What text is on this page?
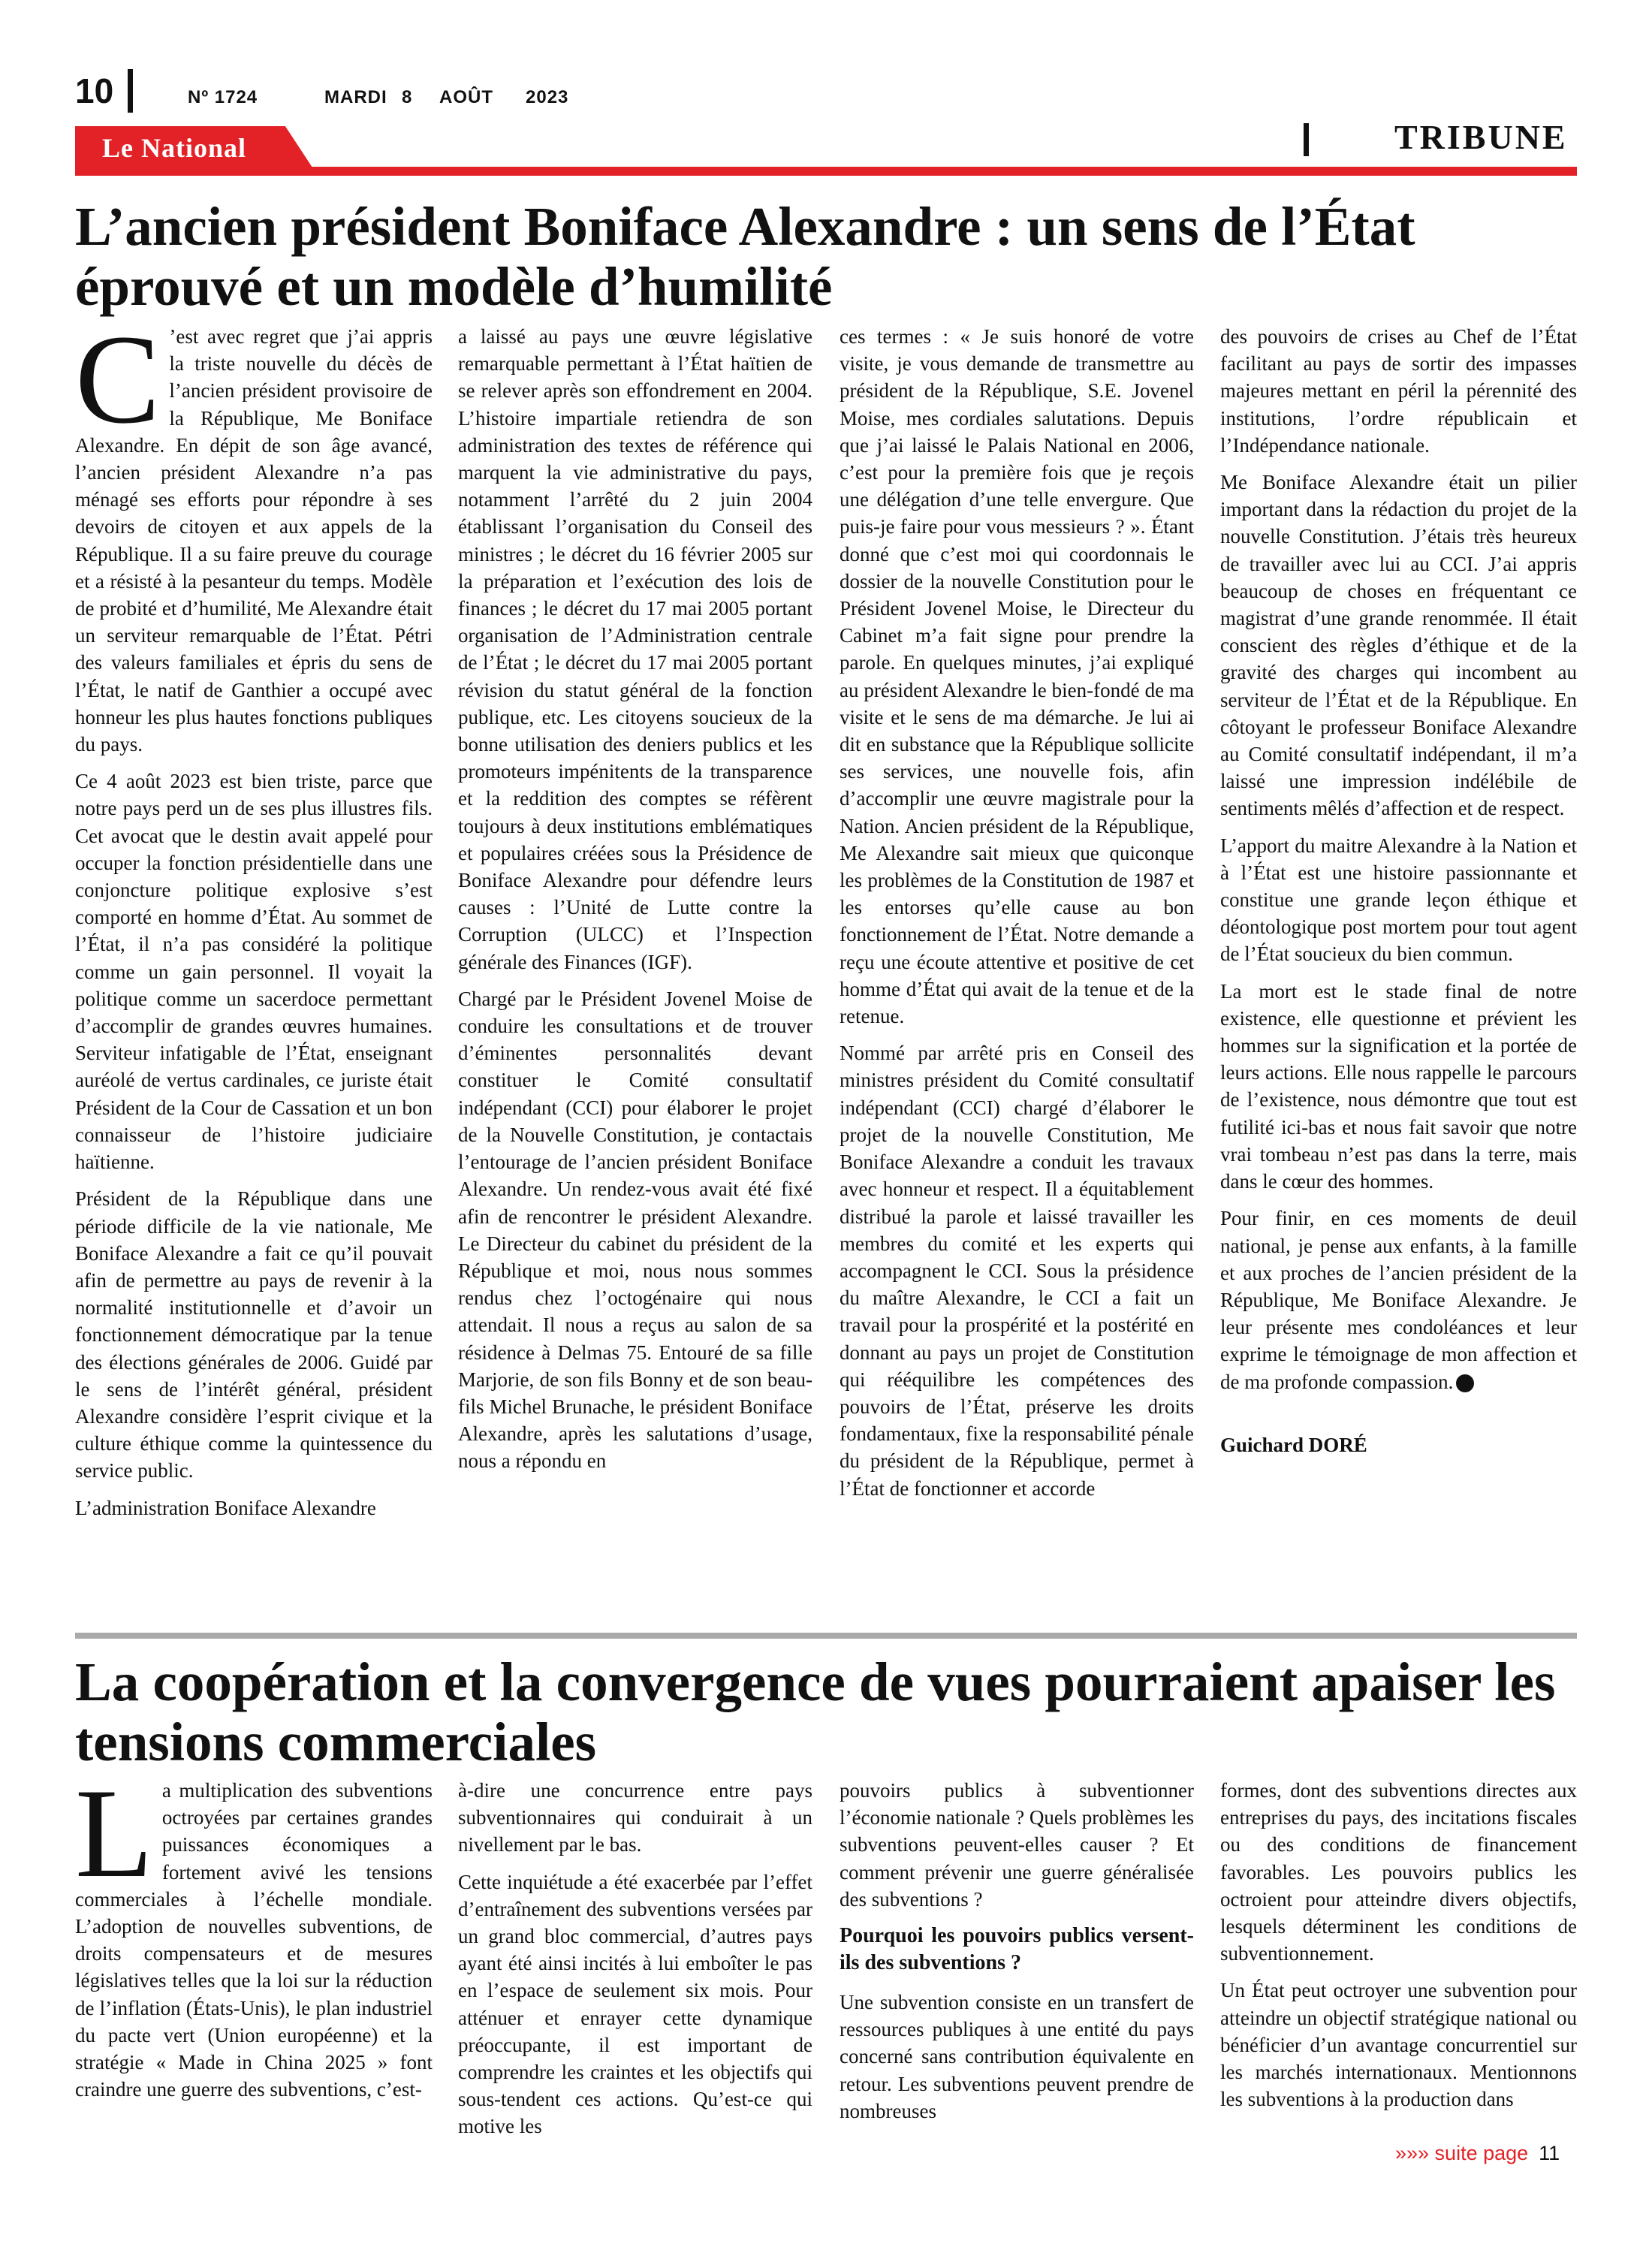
10	Nº 1724	MARDI 8 AOÛT 2023
Le National	TRIBUNE
L’ancien président Boniface Alexandre : un sens de l’État éprouvé et un modèle d’humilité

C ’est avec regret que j’ai appris la triste nouvelle du décès de l’ancien président provisoire de la République, Me Boniface Alexandre. En dépit de son âge avancé, l’ancien président Alexandre n’a pas ménagé ses efforts pour répondre à ses devoirs de citoyen et aux appels de la République. Il a su faire preuve du courage et a résisté à la pesanteur du temps. Modèle de probité et d’humilité, Me Alexandre était un serviteur remarquable de l’État. Pétri des valeurs familiales et épris du sens de l’État, le natif de Ganthier a occupé avec honneur les plus hautes fonctions publiques du pays.

Ce 4 août 2023 est bien triste, parce que notre pays perd un de ses plus illustres fils. Cet avocat que le destin avait appelé pour occuper la fonction présidentielle dans une conjoncture politique explosive s’est comporté en homme d’État. Au sommet de l’État, il n’a pas considéré la politique comme un gain personnel. Il voyait la politique comme un sacerdoce permettant d’accomplir de grandes œuvres humaines. Serviteur infatigable de l’État, enseignant auréolé de vertus cardinales, ce juriste était Président de la Cour de Cassation et un bon connaisseur de l’histoire judiciaire haïtienne.

Président de la République dans une période difficile de la vie nationale, Me Boniface Alexandre a fait ce qu’il pouvait afin de permettre au pays de revenir à la normalité institutionnelle et d’avoir un fonctionnement démocratique par la tenue des élections générales de 2006. Guidé par le sens de l’intérêt général, président Alexandre considère l’esprit civique et la culture éthique comme la quintessence du service public.

L’administration Boniface Alexandre

a laissé au pays une œuvre législative remarquable permettant à l’État haïtien de se relever après son effondrement en 2004. L’histoire impartiale retiendra de son administration des textes de référence qui marquent la vie administrative du pays, notamment l’arrêté du 2 juin 2004 établissant l’organisation du Conseil des ministres ; le décret du 16 février 2005 sur la préparation et l’exécution des lois de finances ; le décret du 17 mai 2005 portant organisation de l’Administration centrale de l’État ; le décret du 17 mai 2005 portant révision du statut général de la fonction publique, etc. Les citoyens soucieux de la bonne utilisation des deniers publics et les promoteurs impénitents de la transparence et la reddition des comptes se réfèrent toujours à deux institutions emblématiques et populaires créées sous la Présidence de Boniface Alexandre pour défendre leurs causes : l’Unité de Lutte contre la Corruption (ULCC) et l’Inspection générale des Finances (IGF).

Chargé par le Président Jovenel Moise de conduire les consultations et de trouver d’éminentes personnalités devant constituer le Comité consultatif indépendant (CCI) pour élaborer le projet de la Nouvelle Constitution, je contactais l’entourage de l’ancien président Boniface Alexandre. Un rendez-vous avait été fixé afin de rencontrer le président Alexandre. Le Directeur du cabinet du président de la République et moi, nous nous sommes rendus chez l’octogénaire qui nous attendait. Il nous a reçus au salon de sa résidence à Delmas 75. Entouré de sa fille Marjorie, de son fils Bonny et de son beau-fils Michel Brunache, le président Boniface Alexandre, après les salutations d’usage, nous a répondu en

ces termes : « Je suis honoré de votre visite, je vous demande de transmettre au président de la République, S.E. Jovenel Moise, mes cordiales salutations. Depuis que j’ai laissé le Palais National en 2006, c’est pour la première fois que je reçois une délégation d’une telle envergure. Que puis-je faire pour vous messieurs ? ». Étant donné que c’est moi qui coordonnais le dossier de la nouvelle Constitution pour le Président Jovenel Moise, le Directeur du Cabinet m’a fait signe pour prendre la parole. En quelques minutes, j’ai expliqué au président Alexandre le bien-fondé de ma visite et le sens de ma démarche. Je lui ai dit en substance que la République sollicite ses services, une nouvelle fois, afin d’accomplir une œuvre magistrale pour la Nation. Ancien président de la République, Me Alexandre sait mieux que quiconque les problèmes de la Constitution de 1987 et les entorses qu’elle cause au bon fonctionnement de l’État. Notre demande a reçu une écoute attentive et positive de cet homme d’État qui avait de la tenue et de la retenue.

Nommé par arrêté pris en Conseil des ministres président du Comité consultatif indépendant (CCI) chargé d’élaborer le projet de la nouvelle Constitution, Me Boniface Alexandre a conduit les travaux avec honneur et respect. Il a équitablement distribué la parole et laissé travailler les membres du comité et les experts qui accompagnent le CCI. Sous la présidence du maître Alexandre, le CCI a fait un travail pour la prospérité et la postérité en donnant au pays un projet de Constitution qui rééquilibre les compétences des pouvoirs de l’État, préserve les droits fondamentaux, fixe la responsabilité pénale du président de la République, permet à l’État de fonctionner et accorde

des pouvoirs de crises au Chef de l’État facilitant au pays de sortir des impasses majeures mettant en péril la pérennité des institutions, l’ordre républicain et l’Indépendance nationale.

Me Boniface Alexandre était un pilier important dans la rédaction du projet de la nouvelle Constitution. J’étais très heureux de travailler avec lui au CCI. J’ai appris beaucoup de choses en fréquentant ce magistrat d’une grande renommée. Il était conscient des règles d’éthique et de la gravité des charges qui incombent au serviteur de l’État et de la République. En côtoyant le professeur Boniface Alexandre au Comité consultatif indépendant, il m’a laissé une impression indélébile de sentiments mêlés d’affection et de respect.

L’apport du maitre Alexandre à la Nation et à l’État est une histoire passionnante et constitue une grande leçon éthique et déontologique post mortem pour tout agent de l’État soucieux du bien commun.

La mort est le stade final de notre existence, elle questionne et prévient les hommes sur la signification et la portée de leurs actions. Elle nous rappelle le parcours de l’existence, nous démontre que tout est futilité ici-bas et nous fait savoir que notre vrai tombeau n’est pas dans la terre, mais dans le cœur des hommes.

Pour finir, en ces moments de deuil national, je pense aux enfants, à la famille et aux proches de l’ancien président de la République, Me Boniface Alexandre. Je leur présente mes condoléances et leur exprime le témoignage de mon affection et de ma profonde compassion.

Guichard DORÉ

La coopération et la convergence de vues pourraient apaiser les tensions commerciales

La multiplication des subventions octroyées par certaines grandes puissances économiques a fortement avivé les tensions commerciales à l’échelle mondiale. L’adoption de nouvelles subventions, de droits compensateurs et de mesures législatives telles que la loi sur la réduction de l’inflation (États-Unis), le plan industriel du pacte vert (Union européenne) et la stratégie « Made in China 2025 » font craindre une guerre des subventions, c’est-

à-dire une concurrence entre pays subventionnaires qui conduirait à un nivellement par le bas.

Cette inquiétude a été exacerbée par l’effet d’entraînement des subventions versées par un grand bloc commercial, d’autres pays ayant été ainsi incités à lui emboîter le pas en l’espace de seulement six mois. Pour atténuer et enrayer cette dynamique préoccupante, il est important de comprendre les craintes et les objectifs qui sous-tendent ces actions. Qu’est-ce qui motive les

pouvoirs publics à subventionner l’économie nationale ? Quels problèmes les subventions peuvent-elles causer ? Et comment prévenir une guerre généralisée des subventions ?

Pourquoi les pouvoirs publics versent-ils des subventions ?

Une subvention consiste en un transfert de ressources publiques à une entité du pays concerné sans contribution équivalente en retour. Les subventions peuvent prendre de nombreuses

formes, dont des subventions directes aux entreprises du pays, des incitations fiscales ou des conditions de financement favorables. Les pouvoirs publics les octroient pour atteindre divers objectifs, lesquels déterminent les conditions de subventionnement.

Un État peut octroyer une subvention pour atteindre un objectif stratégique national ou bénéficier d’un avantage concurrentiel sur les marchés internationaux. Mentionnons les subventions à la production dans

»»» suite page 11
